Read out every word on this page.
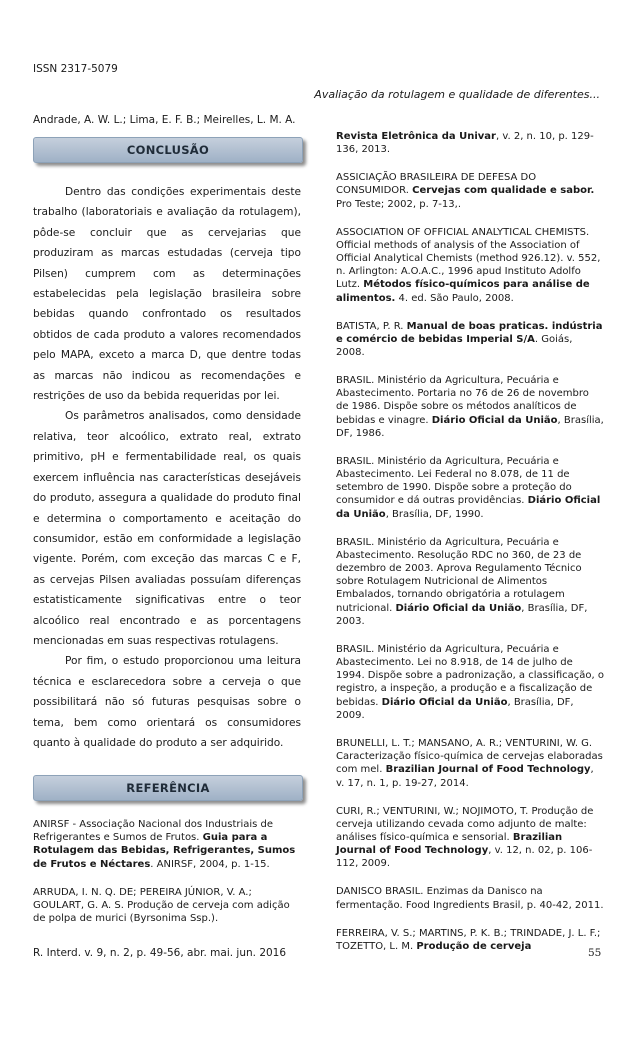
ISSN 2317-5079
Avaliação da rotulagem e qualidade de diferentes...
Andrade, A. W. L.; Lima, E. F. B.; Meirelles, L. M. A.
CONCLUSÃO

Dentro das condições experimentais deste trabalho (laboratoriais e avaliação da rotulagem), pôde-se concluir que as cervejarias que produziram as marcas estudadas (cerveja tipo Pilsen) cumprem com as determinações estabelecidas pela legislação brasileira sobre bebidas quando confrontado os resultados obtidos de cada produto a valores recomendados pelo MAPA, exceto a marca D, que dentre todas as marcas não indicou as recomendações e restrições de uso da bebida requeridas por lei.

Os parâmetros analisados, como densidade relativa, teor alcoólico, extrato real, extrato primitivo, pH e fermentabilidade real, os quais exercem influência nas características desejáveis do produto, assegura a qualidade do produto final e determina o comportamento e aceitação do consumidor, estão em conformidade a legislação vigente. Porém, com exceção das marcas C e F, as cervejas Pilsen avaliadas possuíam diferenças estatisticamente significativas entre o teor alcoólico real encontrado e as porcentagens mencionadas em suas respectivas rotulagens.

Por fim, o estudo proporcionou uma leitura técnica e esclarecedora sobre a cerveja o que possibilitará não só futuras pesquisas sobre o tema, bem como orientará os consumidores quanto à qualidade do produto a ser adquirido.

REFERÊNCIA

ANIRSF - Associação Nacional dos Industriais de Refrigerantes e Sumos de Frutos. Guia para a Rotulagem das Bebidas, Refrigerantes, Sumos de Frutos e Néctares. ANIRSF, 2004, p. 1-15.

ARRUDA, I. N. Q. DE; PEREIRA JÚNIOR, V. A.; GOULART, G. A. S. Produção de cerveja com adição de polpa de murici (Byrsonima Ssp.).

Revista Eletrônica da Univar, v. 2, n. 10, p. 129-136, 2013.

ASSICIAÇÃO BRASILEIRA DE DEFESA DO CONSUMIDOR. Cervejas com qualidade e sabor. Pro Teste; 2002, p. 7-13,.

ASSOCIATION OF OFFICIAL ANALYTICAL CHEMISTS. Official methods of analysis of the Association of Official Analytical Chemists (method 926.12). v. 552, n. Arlington: A.O.A.C., 1996 apud Instituto Adolfo Lutz. Métodos físico-químicos para análise de alimentos. 4. ed. São Paulo, 2008.

BATISTA, P. R. Manual de boas praticas. indústria e comércio de bebidas Imperial S/A. Goiás, 2008.

BRASIL. Ministério da Agricultura, Pecuária e Abastecimento. Portaria no 76 de 26 de novembro de 1986. Dispõe sobre os métodos analíticos de bebidas e vinagre. Diário Oficial da União, Brasília, DF, 1986.

BRASIL. Ministério da Agricultura, Pecuária e Abastecimento. Lei Federal no 8.078, de 11 de setembro de 1990. Dispõe sobre a proteção do consumidor e dá outras providências. Diário Oficial da União, Brasília, DF, 1990.

BRASIL. Ministério da Agricultura, Pecuária e Abastecimento. Resolução RDC no 360, de 23 de dezembro de 2003. Aprova Regulamento Técnico sobre Rotulagem Nutricional de Alimentos Embalados, tornando obrigatória a rotulagem nutricional. Diário Oficial da União, Brasília, DF, 2003.

BRASIL. Ministério da Agricultura, Pecuária e Abastecimento. Lei no 8.918, de 14 de julho de 1994. Dispõe sobre a padronização, a classificação, o registro, a inspeção, a produção e a fiscalização de bebidas. Diário Oficial da União, Brasília, DF, 2009.

BRUNELLI, L. T.; MANSANO, A. R.; VENTURINI, W. G. Caracterização físico-química de cervejas elaboradas com mel. Brazilian Journal of Food Technology, v. 17, n. 1, p. 19-27, 2014.

CURI, R.; VENTURINI, W.; NOJIMOTO, T. Produção de cerveja utilizando cevada como adjunto de malte: análises físico-química e sensorial. Brazilian Journal of Food Technology, v. 12, n. 02, p. 106-112, 2009.

DANISCO BRASIL. Enzimas da Danisco na fermentação. Food Ingredients Brasil, p. 40-42, 2011.

FERREIRA, V. S.; MARTINS, P. K. B.; TRINDADE, J. L. F.; TOZETTO, L. M. Produção de cerveja

R. Interd. v. 9, n. 2, p. 49-56, abr. mai. jun. 2016	55
